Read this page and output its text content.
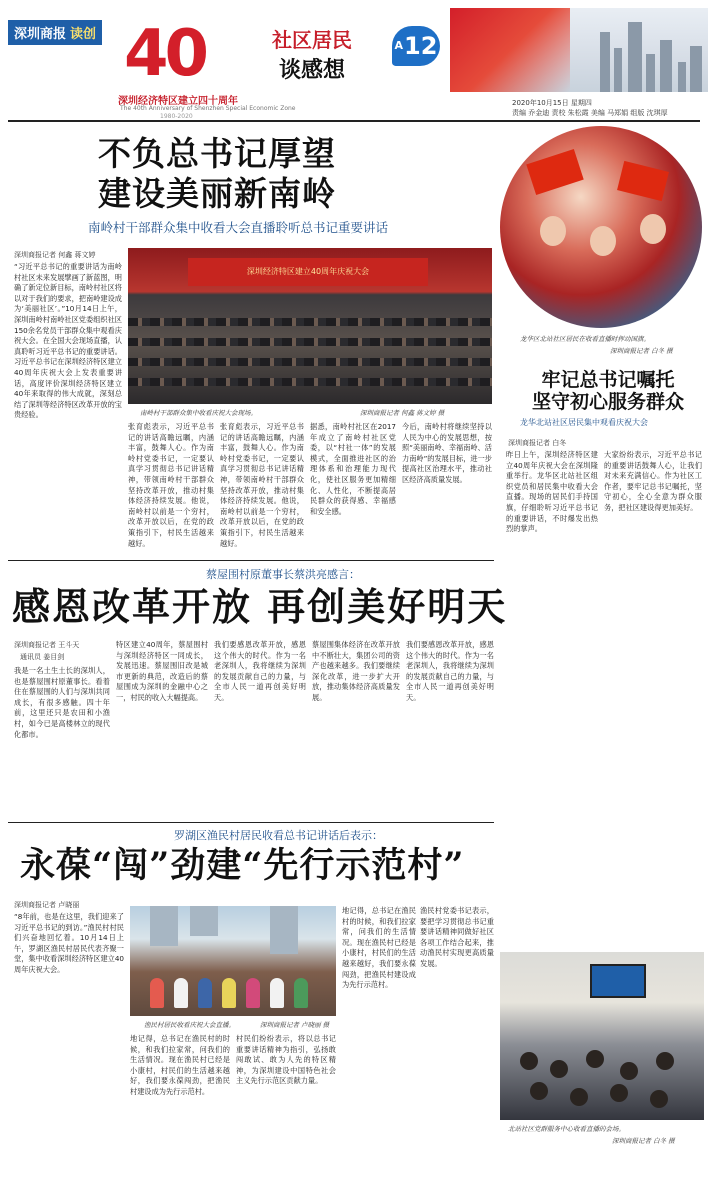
深圳商报 读创 40
深圳经济特区建立四十周年
The 40th Anniversary of Shenzhen Special Economic Zone
1980-2020
社区居民
谈感想
$^A$12
2020年10月15日 星期四
责编 乔金迪 责校 朱松霞 美编 马郑娟 组版 沈琪厚
不负总书记厚望
建设美丽新南岭
南岭村干部群众集中收看大会直播聆听总书记重要讲话
深圳商报记者 何鑫 蒋文婷
“习近平总书记的重要讲话为南岭村社区未来发展擘画了新蓝图，明确了新定位新目标，南岭村社区将以对于我们的要求，把南岭建设成为‘美丽社区’。”10月14日上午，深圳南岭村南岭社区党委组织社区150余名党员干部群众集中观看庆祝大会。在全国大会现场直播，认真聆听习近平总书记的重要讲话。习近平总书记在深圳经济特区建立40周年庆祝大会上发表重要讲话，高度评价深圳经济特区建立40年来取得的伟大成就，深刻总结了深圳等经济特区改革开放的宝贵经验。
深圳经济特区建立40周年庆祝大会
南岭村干部群众集中收看庆祝大会现场。	深圳商报记者 何鑫 蒋文婷 摄
张育彪表示，习近平总书记的讲话高瞻远瞩，内涵丰富，鼓舞人心。作为南岭村党委书记，一定要认真学习贯彻总书记讲话精神，带领南岭村干部群众坚持改革开放，推动村集体经济持续发展。他说，南岭村以前是一个穷村，改革开放以后，在党的政策指引下，村民生活越来越好。
张育彪表示，习近平总书记的讲话高瞻远瞩，内涵丰富，鼓舞人心。作为南岭村党委书记，一定要认真学习贯彻总书记讲话精神，带领南岭村干部群众坚持改革开放，推动村集体经济持续发展。他说，南岭村以前是一个穷村，改革开放以后，在党的政策指引下，村民生活越来越好。
据悉，南岭村社区在2017年成立了南岭村社区党委，以“村社一体”的发展模式，全面推进社区的治理体系和治理能力现代化，使社区服务更加精细化、人性化，不断提高居民群众的获得感、幸福感和安全感。
今后，南岭村将继续坚持以人民为中心的发展思想，按照“美丽南岭、幸福南岭、活力南岭”的发展目标，进一步提高社区治理水平，推动社区经济高质量发展。
龙华区北站社区居民在收看直播时挥动国旗。
深圳商报记者 白冬 摄
牢记总书记嘱托
坚守初心服务群众
龙华北站社区居民集中观看庆祝大会
深圳商报记者 白冬
昨日上午，深圳经济特区建立40周年庆祝大会在深圳隆重举行。龙华区北站社区组织党员和居民集中收看大会直播。现场的居民们手持国旗，仔细聆听习近平总书记的重要讲话，不时爆发出热烈的掌声。
大家纷纷表示，习近平总书记的重要讲话鼓舞人心，让我们对未来充满信心。作为社区工作者，要牢记总书记嘱托，坚守初心，全心全意为群众服务，把社区建设得更加美好。
蔡屋围村原董事长蔡洪亮感言：
感恩改革开放 再创美好明天
深圳商报记者 王斗天
通讯员 姜目剑
我是一名土生土长的深圳人，也是蔡屋围村原董事长。看着住在蔡屋围的人们与深圳共同成长，有很多感触。四十年前，这里还只是农田和小渔村，如今已是高楼林立的现代化都市。
特区建立40周年，蔡屋围村与深圳经济特区一同成长，发展迅速。蔡屋围旧改是城市更新的典范，改造后的蔡屋围成为深圳的金融中心之一，村民的收入大幅提高。
我们要感恩改革开放，感恩这个伟大的时代。作为一名老深圳人，我将继续为深圳的发展贡献自己的力量，与全市人民一道再创美好明天。
蔡屋围集体经济在改革开放中不断壮大，集团公司的资产也越来越多。我们要继续深化改革，进一步扩大开放，推动集体经济高质量发展。
我们要感恩改革开放，感恩这个伟大的时代。作为一名老深圳人，我将继续为深圳的发展贡献自己的力量，与全市人民一道再创美好明天。
罗湖区渔民村居民收看总书记讲话后表示：
永葆“闯”劲建“先行示范村”
深圳商报记者 卢晓丽
“8年前，也是在这里，我们迎来了习近平总书记的到访。”渔民村村民们兴奋地回忆着。10月14日上午，罗湖区渔民村居民代表齐聚一堂，集中收看深圳经济特区建立40周年庆祝大会。
渔民村居民收看庆祝大会直播。	深圳商报记者 卢晓丽 摄
地记得，总书记在渔民村的时候，和我们拉家常，问我们的生活情况。现在渔民村已经是小康村，村民们的生活越来越好，我们要永葆闯劲，把渔民村建设成为先行示范村。
村民们纷纷表示，将以总书记重要讲话精神为指引，弘扬敢闯敢试、敢为人先的特区精神，为深圳建设中国特色社会主义先行示范区贡献力量。
地记得，总书记在渔民村的时候，和我们拉家常，问我们的生活情况。现在渔民村已经是小康村，村民们的生活越来越好，我们要永葆闯劲，把渔民村建设成为先行示范村。
渔民村党委书记表示，要把学习贯彻总书记重要讲话精神同做好社区各项工作结合起来，推动渔民村实现更高质量发展。
北站社区党群服务中心收看直播的会场。
深圳商报记者 白冬 摄
